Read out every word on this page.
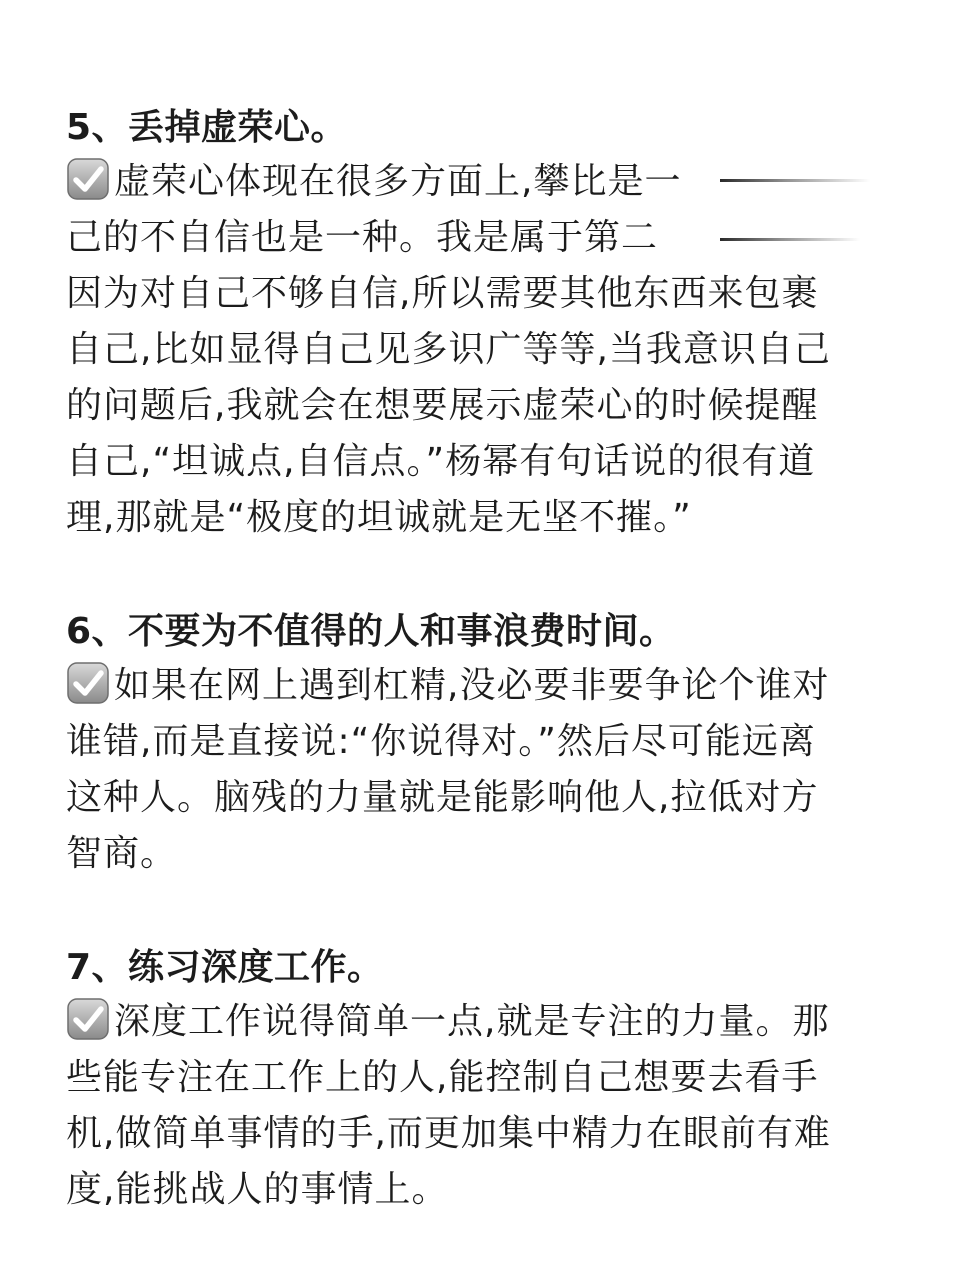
5、丢掉虚荣心。
虚荣心体现在很多方面上,攀比是一
己的不自信也是一种。我是属于第二
因为对自己不够自信,所以需要其他东西来包裹
自己,比如显得自己见多识广等等,当我意识自己
的问题后,我就会在想要展示虚荣心的时候提醒
自己,“坦诚点,自信点。”杨幂有句话说的很有道
理,那就是“极度的坦诚就是无坚不摧。”
6、不要为不值得的人和事浪费时间。
如果在网上遇到杠精,没必要非要争论个谁对
谁错,而是直接说:“你说得对。”然后尽可能远离
这种人。脑残的力量就是能影响他人,拉低对方
智商。
7、练习深度工作。
深度工作说得简单一点,就是专注的力量。那
些能专注在工作上的人,能控制自己想要去看手
机,做简单事情的手,而更加集中精力在眼前有难
度,能挑战人的事情上。
